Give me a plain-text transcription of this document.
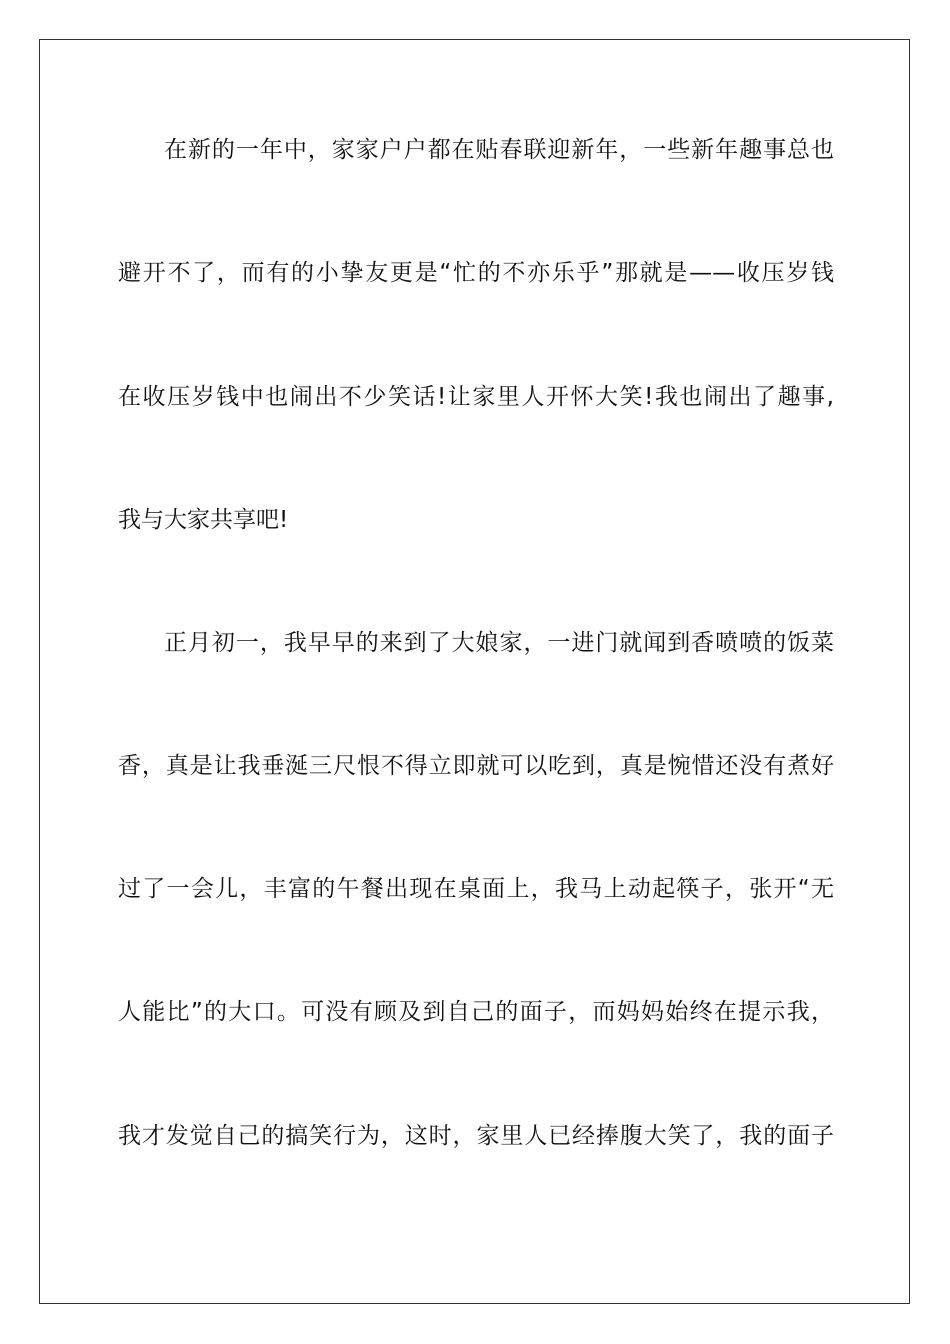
在新的一年中，家家户户都在贴春联迎新年，一些新年趣事总也
避开不了，而有的小挚友更是“忙的不亦乐乎”那就是——收压岁钱
在收压岁钱中也闹出不少笑话!让家里人开怀大笑!我也闹出了趣事,
我与大家共享吧!
正月初一，我早早的来到了大娘家，一进门就闻到香喷喷的饭菜
香，真是让我垂涎三尺恨不得立即就可以吃到，真是惋惜还没有煮好
过了一会儿，丰富的午餐出现在桌面上，我马上动起筷子，张开“无
人能比”的大口。可没有顾及到自己的面子，而妈妈始终在提示我，
我才发觉自己的搞笑行为，这时，家里人已经捧腹大笑了，我的面子
